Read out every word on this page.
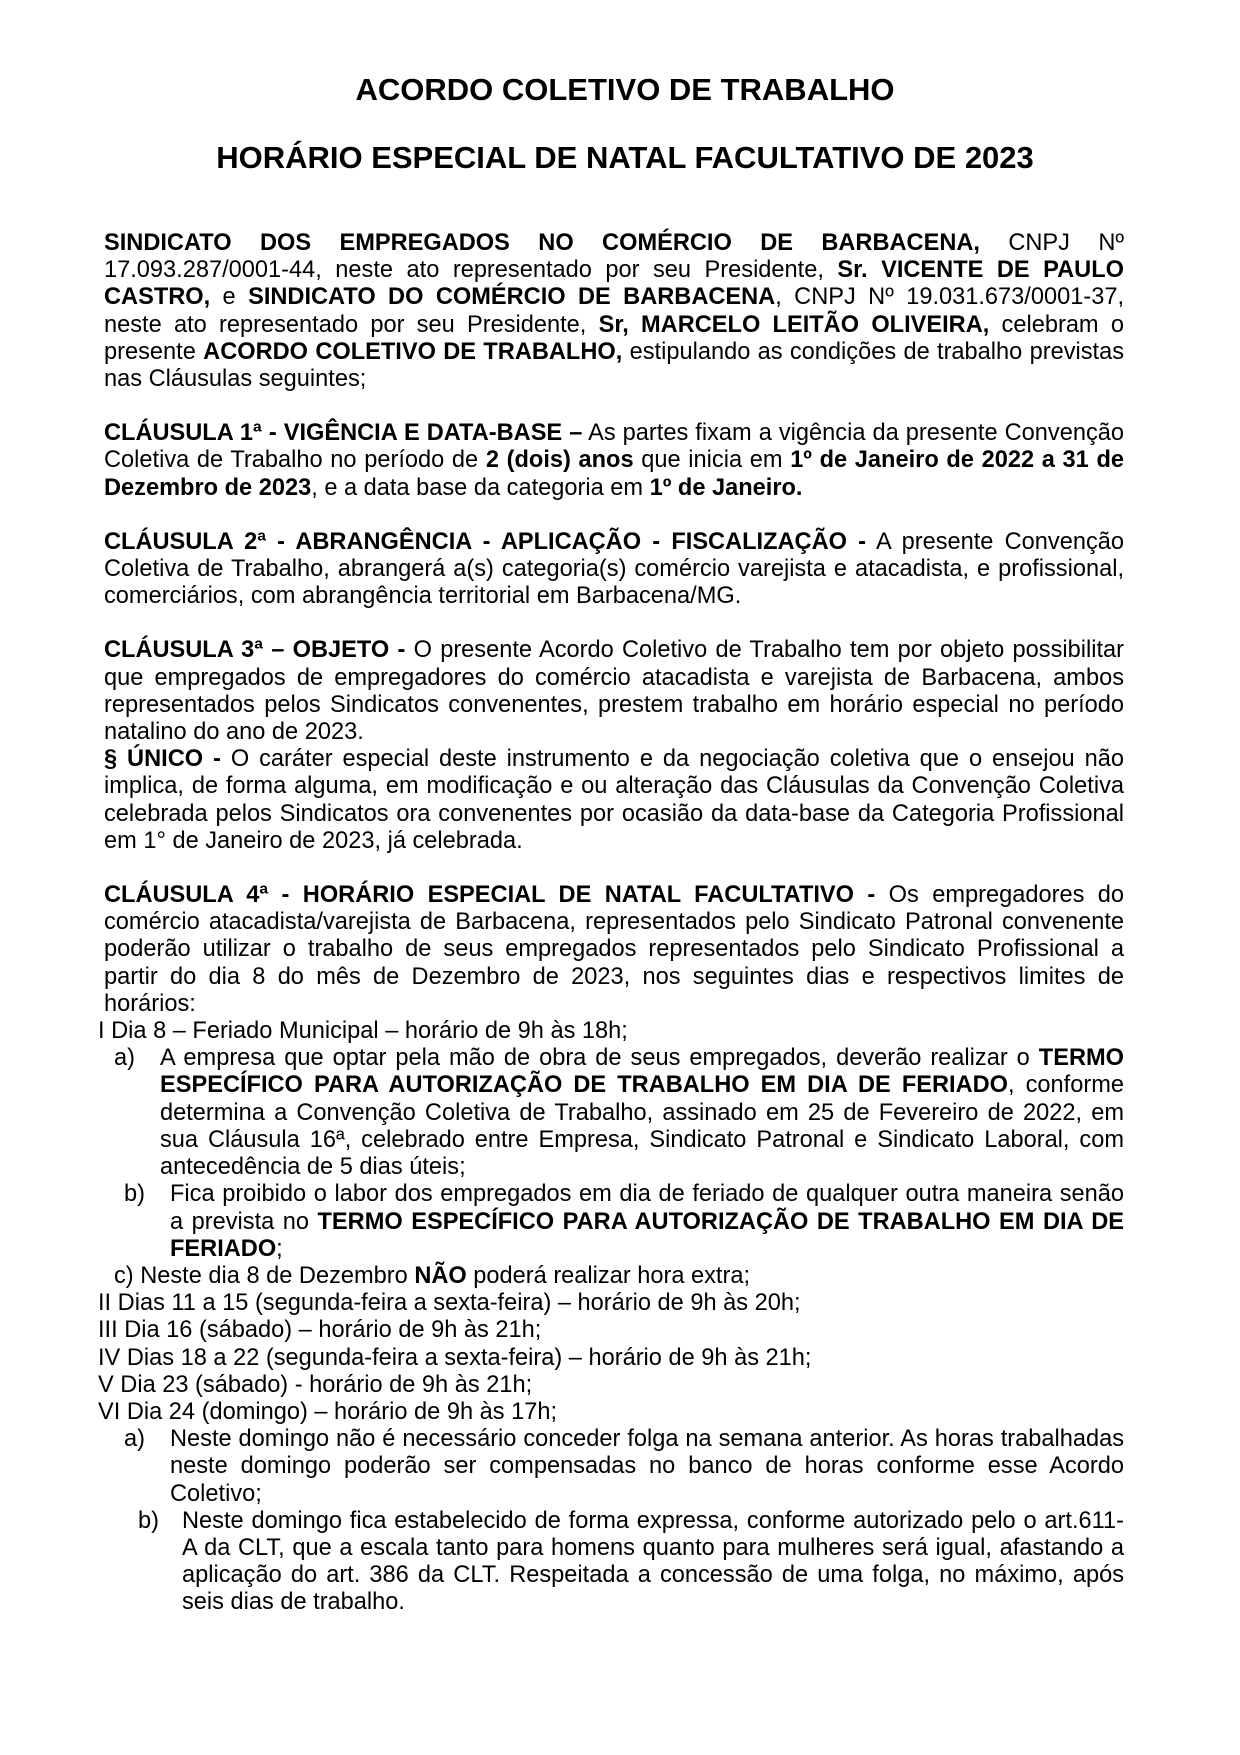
ACORDO COLETIVO DE TRABALHO
HORÁRIO ESPECIAL DE NATAL FACULTATIVO DE 2023

SINDICATO DOS EMPREGADOS NO COMÉRCIO DE BARBACENA, CNPJ Nº 17.093.287/0001-44, neste ato representado por seu Presidente, Sr. VICENTE DE PAULO CASTRO, e SINDICATO DO COMÉRCIO DE BARBACENA, CNPJ Nº 19.031.673/0001-37, neste ato representado por seu Presidente, Sr, MARCELO LEITÃO OLIVEIRA, celebram o presente ACORDO COLETIVO DE TRABALHO, estipulando as condições de trabalho previstas nas Cláusulas seguintes;

CLÁUSULA 1ª - VIGÊNCIA E DATA-BASE – As partes fixam a vigência da presente Convenção Coletiva de Trabalho no período de 2 (dois) anos que inicia em 1º de Janeiro de 2022 a 31 de Dezembro de 2023, e a data base da categoria em 1º de Janeiro.

CLÁUSULA 2ª - ABRANGÊNCIA - APLICAÇÃO - FISCALIZAÇÃO - A presente Convenção Coletiva de Trabalho, abrangerá a(s) categoria(s) comércio varejista e atacadista, e profissional, comerciários, com abrangência territorial em Barbacena/MG.

CLÁUSULA 3ª – OBJETO - O presente Acordo Coletivo de Trabalho tem por objeto possibilitar que empregados de empregadores do comércio atacadista e varejista de Barbacena, ambos representados pelos Sindicatos convenentes, prestem trabalho em horário especial no período natalino do ano de 2023.

§ ÚNICO - O caráter especial deste instrumento e da negociação coletiva que o ensejou não implica, de forma alguma, em modificação e ou alteração das Cláusulas da Convenção Coletiva celebrada pelos Sindicatos ora convenentes por ocasião da data-base da Categoria Profissional em 1° de Janeiro de 2023, já celebrada.

CLÁUSULA 4ª - HORÁRIO ESPECIAL DE NATAL FACULTATIVO - Os empregadores do comércio atacadista/varejista de Barbacena, representados pelo Sindicato Patronal convenente poderão utilizar o trabalho de seus empregados representados pelo Sindicato Profissional a partir do dia 8 do mês de Dezembro de 2023, nos seguintes dias e respectivos limites de horários:

I Dia 8 – Feriado Municipal – horário de 9h às 18h;

a)	A empresa que optar pela mão de obra de seus empregados, deverão realizar o TERMO ESPECÍFICO PARA AUTORIZAÇÃO DE TRABALHO EM DIA DE FERIADO, conforme determina a Convenção Coletiva de Trabalho, assinado em 25 de Fevereiro de 2022, em sua Cláusula 16ª, celebrado entre Empresa, Sindicato Patronal e Sindicato Laboral, com antecedência de 5 dias úteis;
b)	Fica proibido o labor dos empregados em dia de feriado de qualquer outra maneira senão a prevista no TERMO ESPECÍFICO PARA AUTORIZAÇÃO DE TRABALHO EM DIA DE FERIADO;

c) Neste dia 8 de Dezembro NÃO poderá realizar hora extra;

II Dias 11 a 15 (segunda-feira a sexta-feira) – horário de 9h às 20h;

III Dia 16 (sábado) – horário de 9h às 21h;

IV Dias 18 a 22 (segunda-feira a sexta-feira) – horário de 9h às 21h;

V Dia 23 (sábado) - horário de 9h às 21h;

VI Dia 24 (domingo) – horário de 9h às 17h;

a)	Neste domingo não é necessário conceder folga na semana anterior. As horas trabalhadas neste domingo poderão ser compensadas no banco de horas conforme esse Acordo Coletivo;
b) Neste domingo fica estabelecido de forma expressa, conforme autorizado pelo o art.611-A da CLT, que a escala tanto para homens quanto para mulheres será igual, afastando a aplicação do art. 386 da CLT. Respeitada a concessão de uma folga, no máximo, após seis dias de trabalho.
